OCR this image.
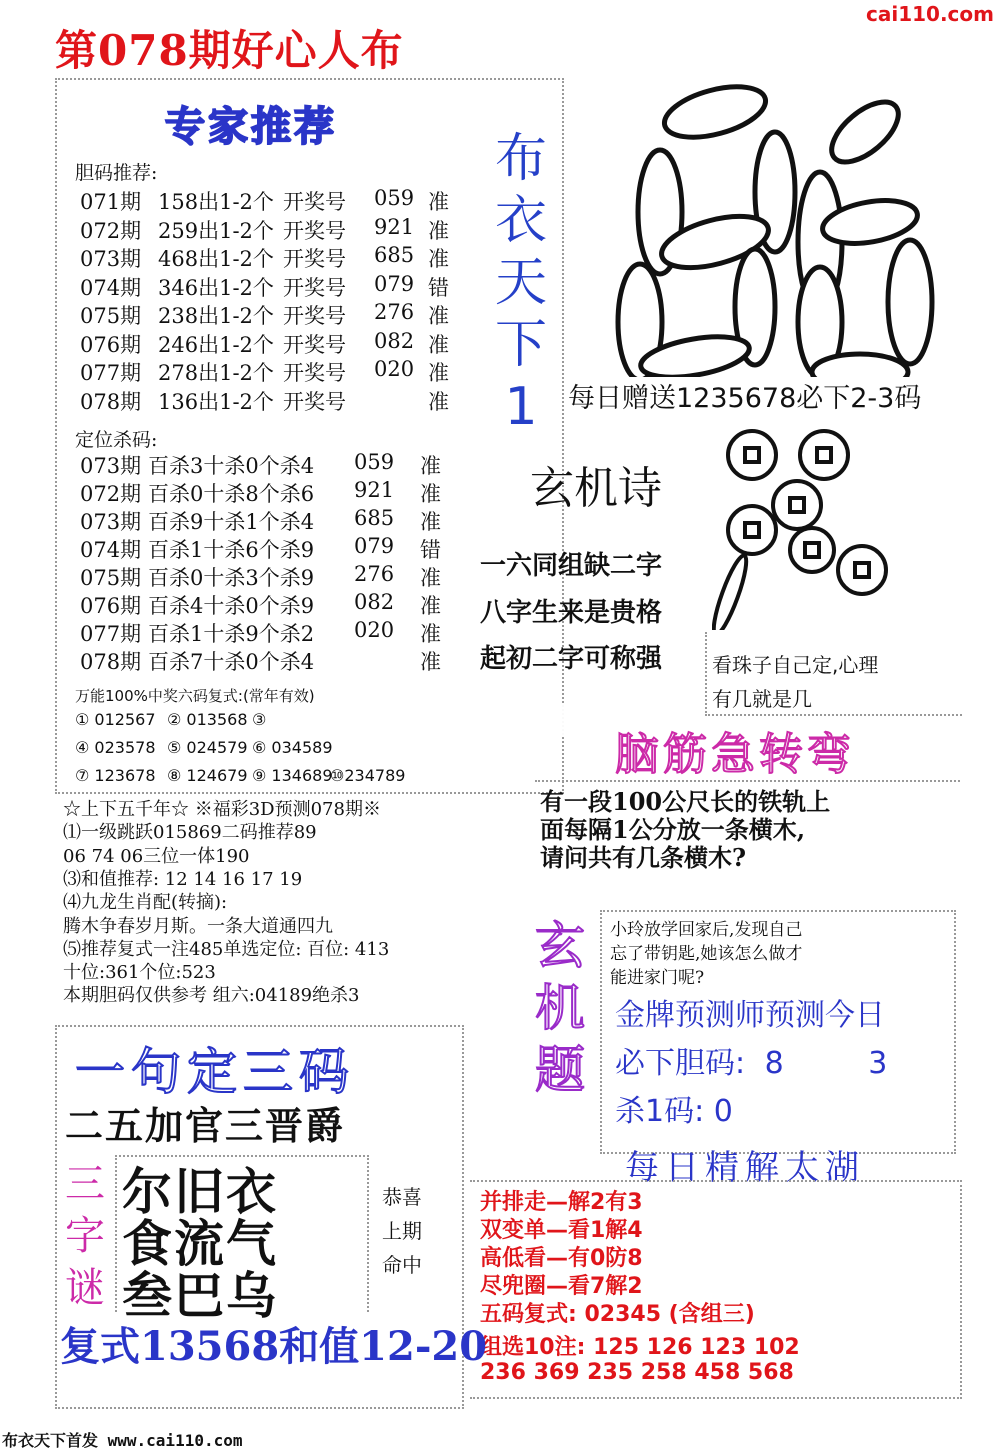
第078期好心人布
cai110.com
专家推荐
胆码推荐:
071期 158出1-2个 开奖号 059 准
072期 259出1-2个 开奖号 921 准
073期 468出1-2个 开奖号 685 准
074期 346出1-2个 开奖号 079 错
075期 238出1-2个 开奖号 276 准
076期 246出1-2个 开奖号 082 准
077期 278出1-2个 开奖号 020 准
078期 136出1-2个 开奖号	准
定位杀码:
073期 百杀3十杀0个杀4 059 准
072期 百杀0十杀8个杀6 921 准
073期 百杀9十杀1个杀4 685 准
074期 百杀1十杀6个杀9 079 错
075期 百杀0十杀3个杀9 276 准
076期 百杀4十杀0个杀9 082 准
077期 百杀1十杀9个杀2 020 准
078期 百杀7十杀0个杀4	准
万能100%中奖六码复式:(常年有效)
① 012567 ② 013568 ③
④ 023578 ⑤ 024579 ⑥ 034589
⑦ 123678 ⑧ 124679 ⑨ 134689
⑩234789
☆上下五千年☆ ※福彩3D预测078期※
⑴一级跳跃015869二码推荐89
06 74 06三位一体190
⑶和值推荐: 12 14 16 17 19
⑷九龙生肖配(转摘):
腾木争春岁月斯。一条大道通四九
⑸推荐复式一注485单选定位: 百位: 413
十位:361个位:523
本期胆码仅供参考 组六:04189绝杀3
布
衣
天
下
1	每日赠送1235678必下2-3码
玄机诗
一六同组缺二字
八字生来是贵格
起初二字可称强 看珠子自己定,心理
有几就是几
脑筋急转弯
有一段100公尺长的铁轨上
面每隔1公分放一条横木,
请问共有几条横木?
玄
机
题
小玲放学回家后,发现自己
忘了带钥匙,她该怎么做才
能进家门呢?
金牌预测师预测今日
必下胆码: 8	3
杀1码: 0
每日精解太湖
并排走—解2有3
双变单—看1解4
高低看—有0防8
尽兜圈—看7解2
五码复式: 02345 (含组三)
组选10注: 125 126 123 102
236 369 235 258 458 568
一句定三码
二五加官三晋爵
三
字
谜
尔旧衣
食流气
叁巴乌
恭喜
上期
命中
复式13568和值12-20
布衣天下首发 www.cai110.com
